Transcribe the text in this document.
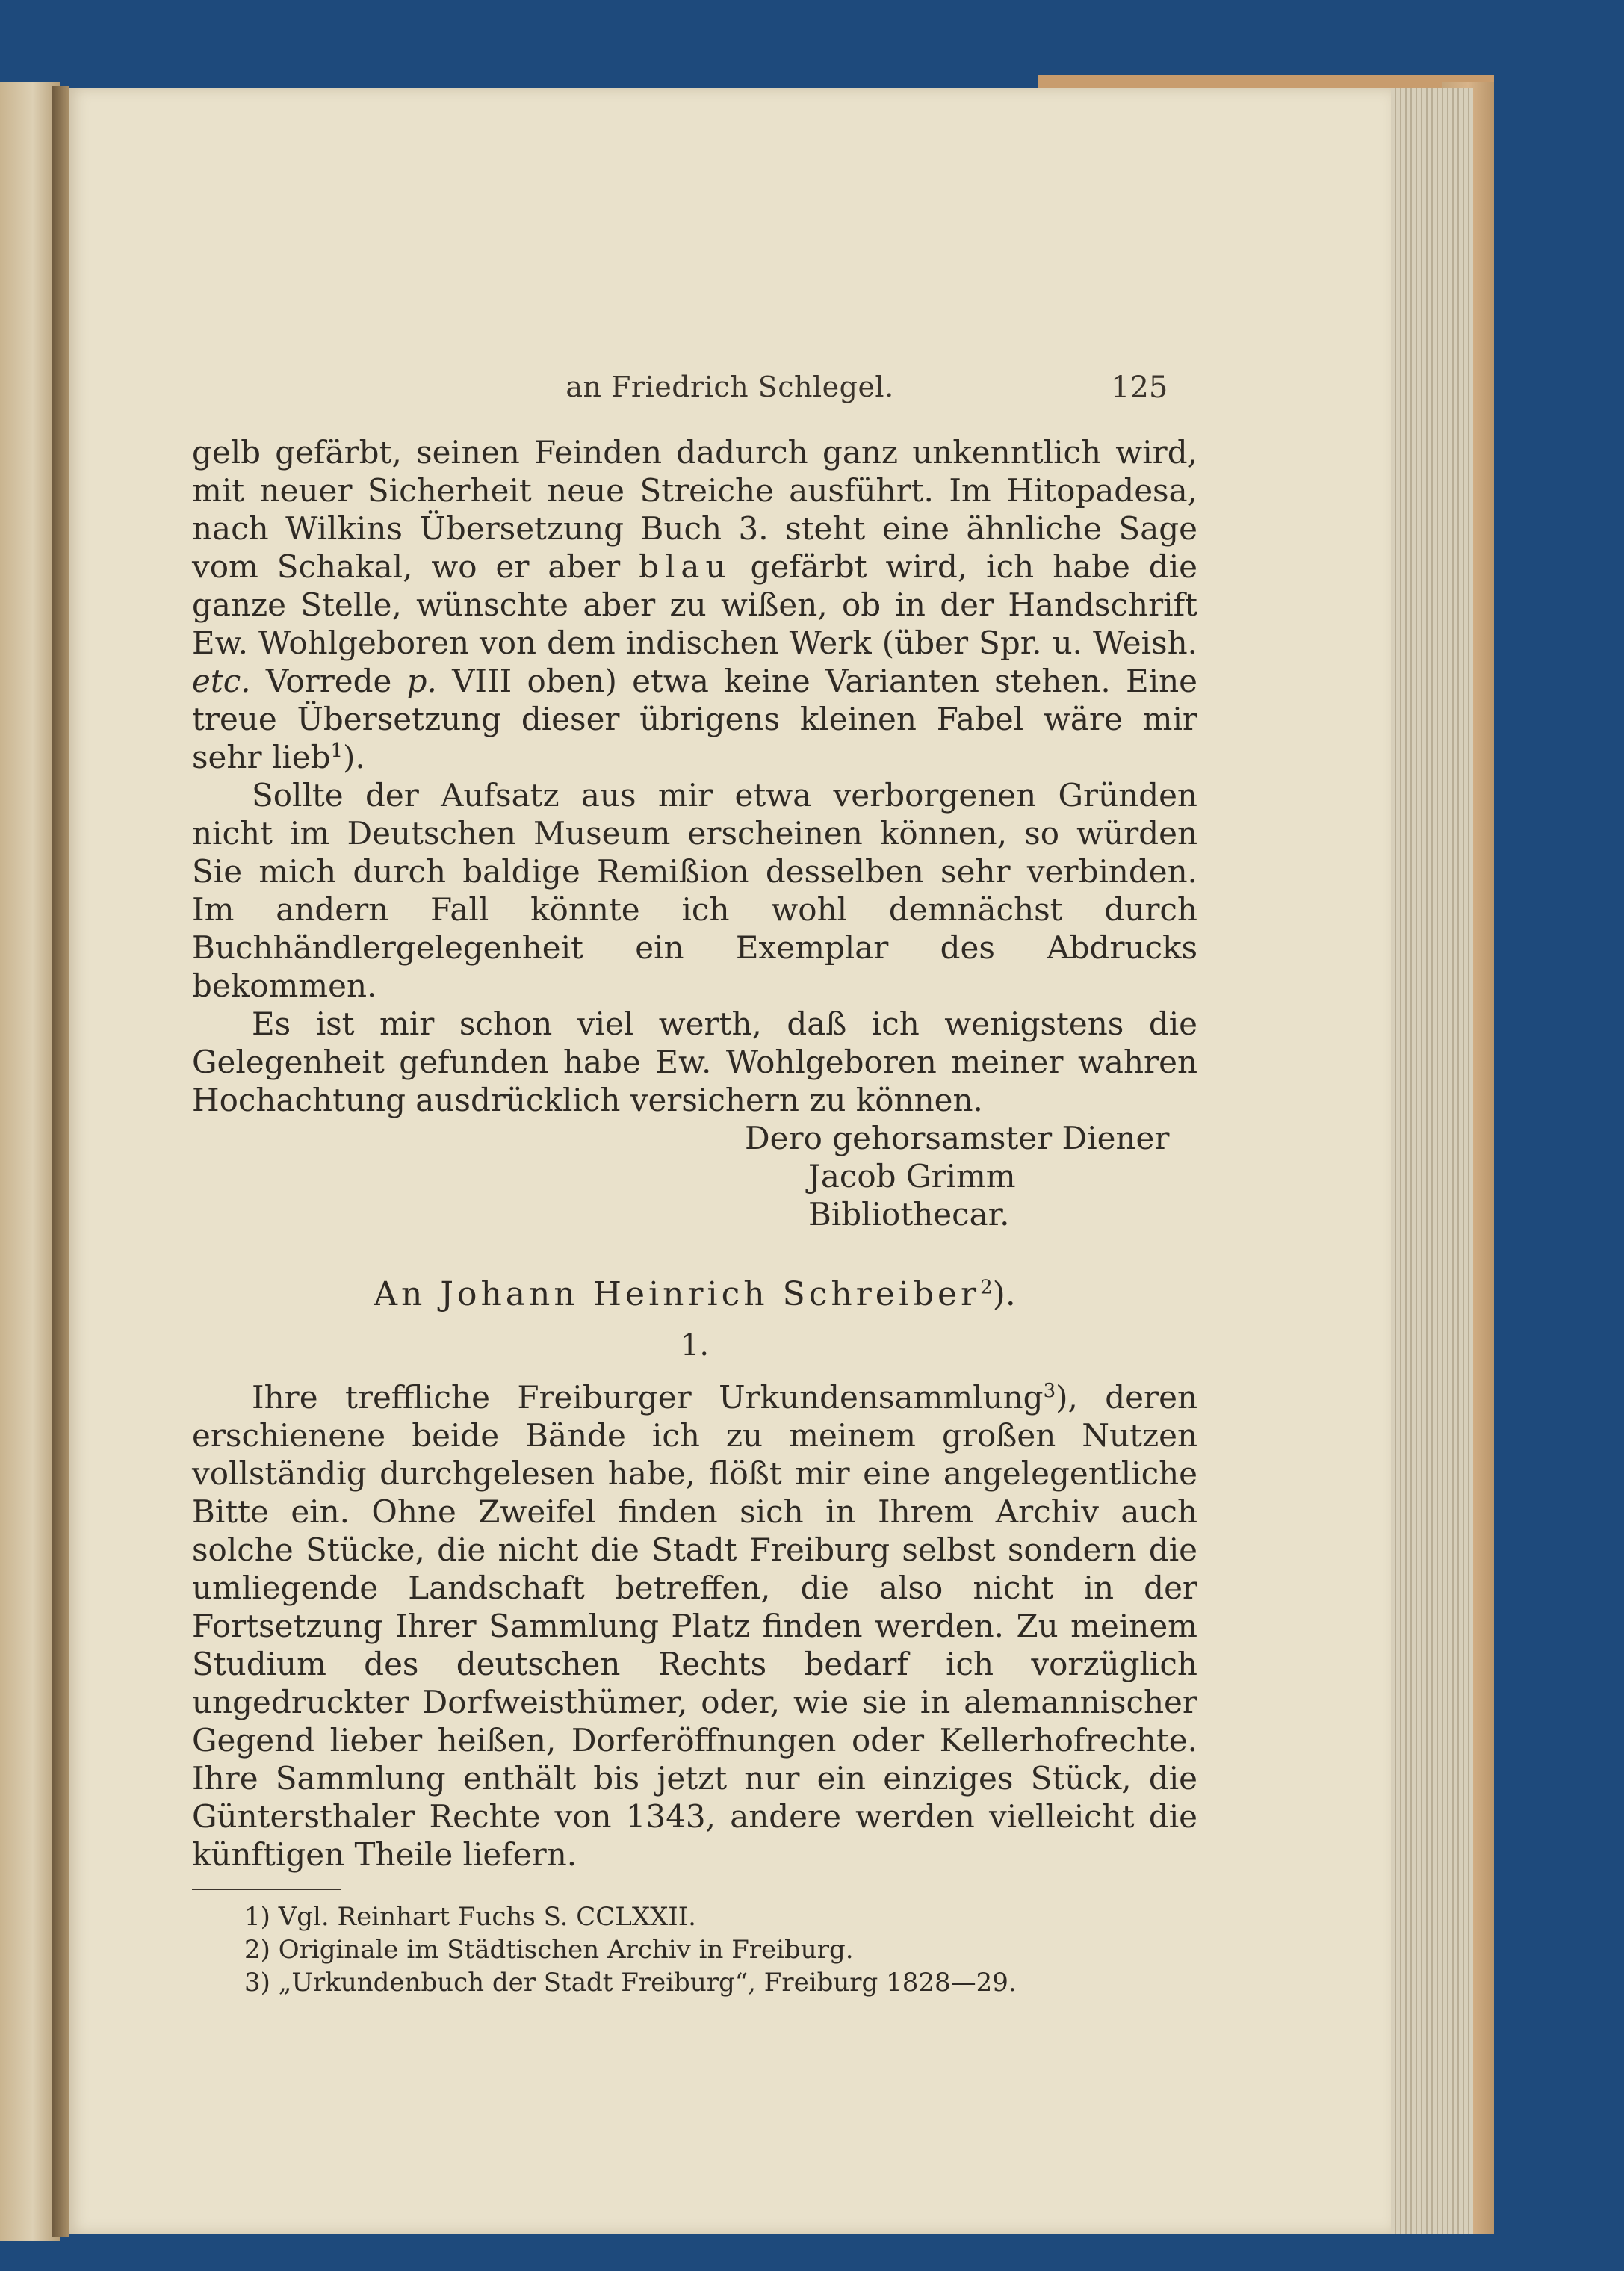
an Friedrich Schlegel.	125

gelb gefärbt, seinen Feinden dadurch ganz unkenntlich wird, mit neuer Sicherheit neue Streiche ausführt. Im Hitopadesa, nach Wilkins Übersetzung Buch 3. steht eine ähnliche Sage vom Schakal, wo er aber blau gefärbt wird, ich habe die ganze Stelle, wünschte aber zu wißen, ob in der Handschrift Ew. Wohlgeboren von dem indischen Werk (über Spr. u. Weish. etc. Vorrede p. VIII oben) etwa keine Varianten stehen. Eine treue Übersetzung dieser übrigens kleinen Fabel wäre mir sehr lieb$^1$).

Sollte der Aufsatz aus mir etwa verborgenen Gründen nicht im Deutschen Museum erscheinen können, so würden Sie mich durch baldige Remißion desselben sehr verbinden. Im andern Fall könnte ich wohl demnächst durch Buchhändlergelegenheit ein Exemplar des Abdrucks bekommen.

Es ist mir schon viel werth, daß ich wenigstens die Gelegenheit gefunden habe Ew. Wohlgeboren meiner wahren Hochachtung ausdrücklich versichern zu können.

Dero gehorsamster Diener
Jacob Grimm
Bibliothecar.
An Johann Heinrich Schreiber$^2$).
1.

Ihre treffliche Freiburger Urkundensammlung$^3$), deren erschienene beide Bände ich zu meinem großen Nutzen vollständig durchgelesen habe, flößt mir eine angelegentliche Bitte ein. Ohne Zweifel finden sich in Ihrem Archiv auch solche Stücke, die nicht die Stadt Freiburg selbst sondern die umliegende Landschaft betreffen, die also nicht in der Fortsetzung Ihrer Sammlung Platz finden werden. Zu meinem Studium des deutschen Rechts bedarf ich vorzüglich ungedruckter Dorfweisthümer, oder, wie sie in alemannischer Gegend lieber heißen, Dorferöffnungen oder Kellerhofrechte. Ihre Sammlung enthält bis jetzt nur ein einziges Stück, die Güntersthaler Rechte von 1343, andere werden vielleicht die künftigen Theile liefern.

1) Vgl. Reinhart Fuchs S. CCLXXII.
2) Originale im Städtischen Archiv in Freiburg.
3) „Urkundenbuch der Stadt Freiburg“, Freiburg 1828—29.
